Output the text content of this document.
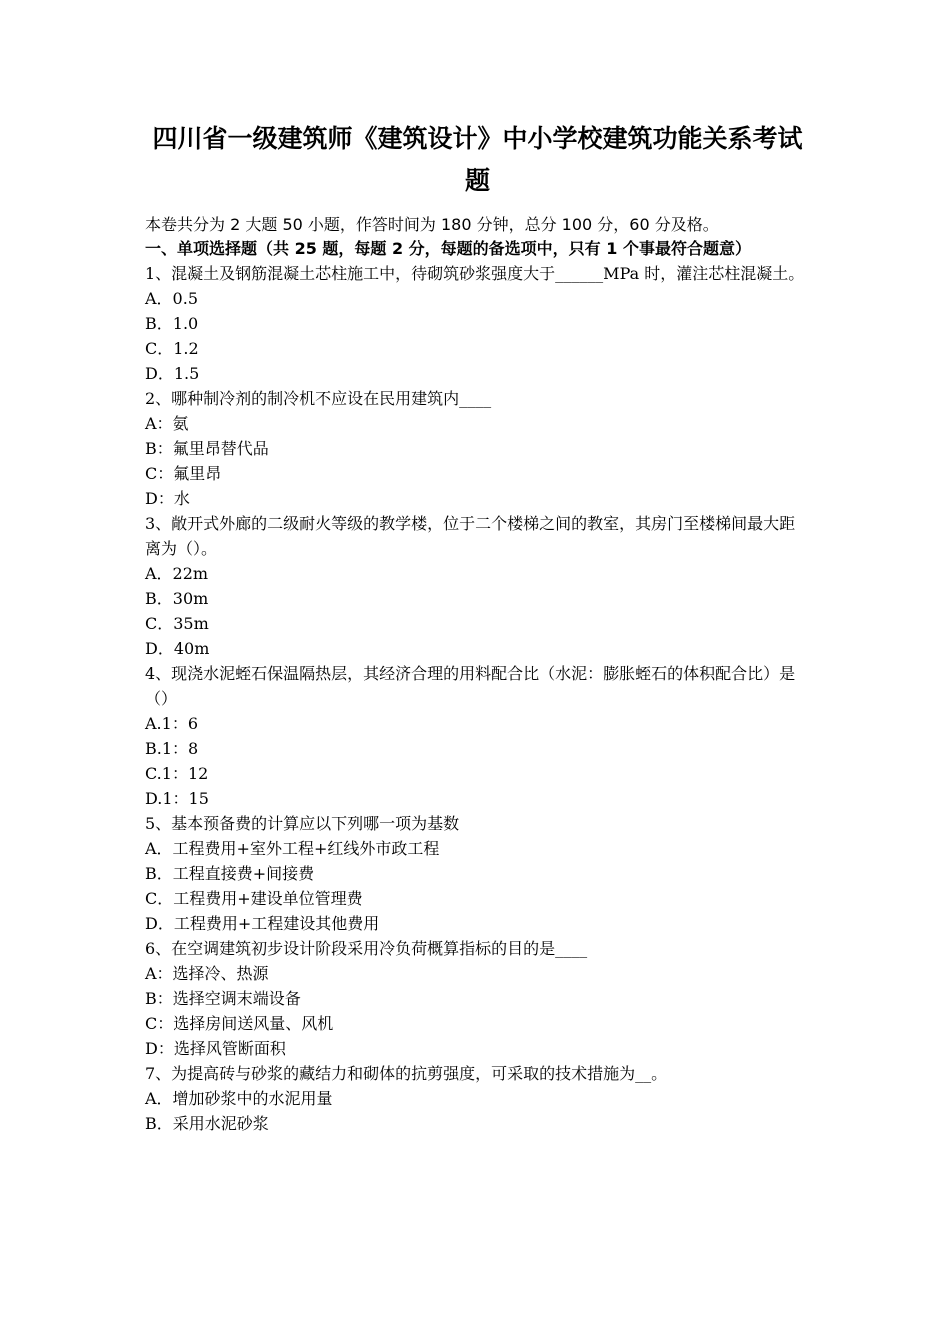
四川省一级建筑师《建筑设计》中小学校建筑功能关系考试题

本卷共分为 2 大题 50 小题，作答时间为 180 分钟，总分 100 分，60 分及格。

一、单项选择题（共 25 题，每题 2 分，每题的备选项中，只有 1 个事最符合题意）

1、混凝土及钢筋混凝土芯柱施工中，待砌筑砂浆强度大于______MPa 时，灌注芯柱混凝土。

A．0.5

B．1.0

C．1.2

D．1.5

2、哪种制冷剂的制冷机不应设在民用建筑内____

A：氨

B：氟里昂替代品

C：氟里昂

D：水

3、敞开式外廊的二级耐火等级的教学楼，位于二个楼梯之间的教室，其房门至楼梯间最大距离为（）。

A．22m

B．30m

C．35m

D．40m

4、现浇水泥蛭石保温隔热层，其经济合理的用料配合比（水泥：膨胀蛭石的体积配合比）是（）

A.1：6

B.1：8

C.1：12

D.1：15

5、基本预备费的计算应以下列哪一项为基数

A．工程费用+室外工程+红线外市政工程

B．工程直接费+间接费

C．工程费用+建设单位管理费

D．工程费用+工程建设其他费用

6、在空调建筑初步设计阶段采用冷负荷概算指标的目的是____

A：选择冷、热源

B：选择空调末端设备

C：选择房间送风量、风机

D：选择风管断面积

7、为提高砖与砂浆的藏结力和砌体的抗剪强度，可采取的技术措施为__。

A．增加砂浆中的水泥用量

B．采用水泥砂浆
